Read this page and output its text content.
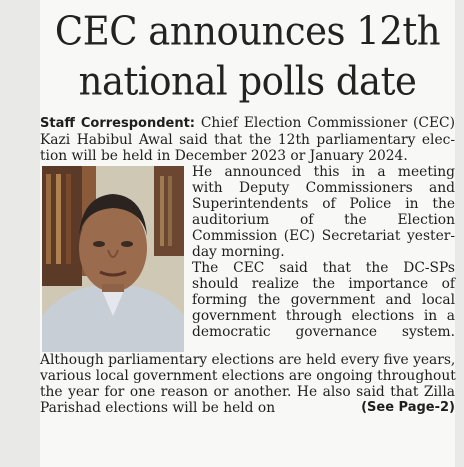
CEC announces 12th
national polls date
Staff Correspondent: Chief Election Commissioner (CEC)
Kazi Habibul Awal said that the 12th parliamentary elec-
tion will be held in December 2023 or January 2024.
He announced this in a meeting
with Deputy Commissioners and
Superintendents of Police in the
auditorium of the Election
Commission (EC) Secretariat yester-
day morning.
The CEC said that the DC-SPs
should realize the importance of
forming the government and local
government through elections in a
democratic governance system.
Although parliamentary elections are held every five years,
various local government elections are ongoing throughout
the year for one reason or another. He also said that Zilla
Parishad elections will be held on	(See Page-2)
